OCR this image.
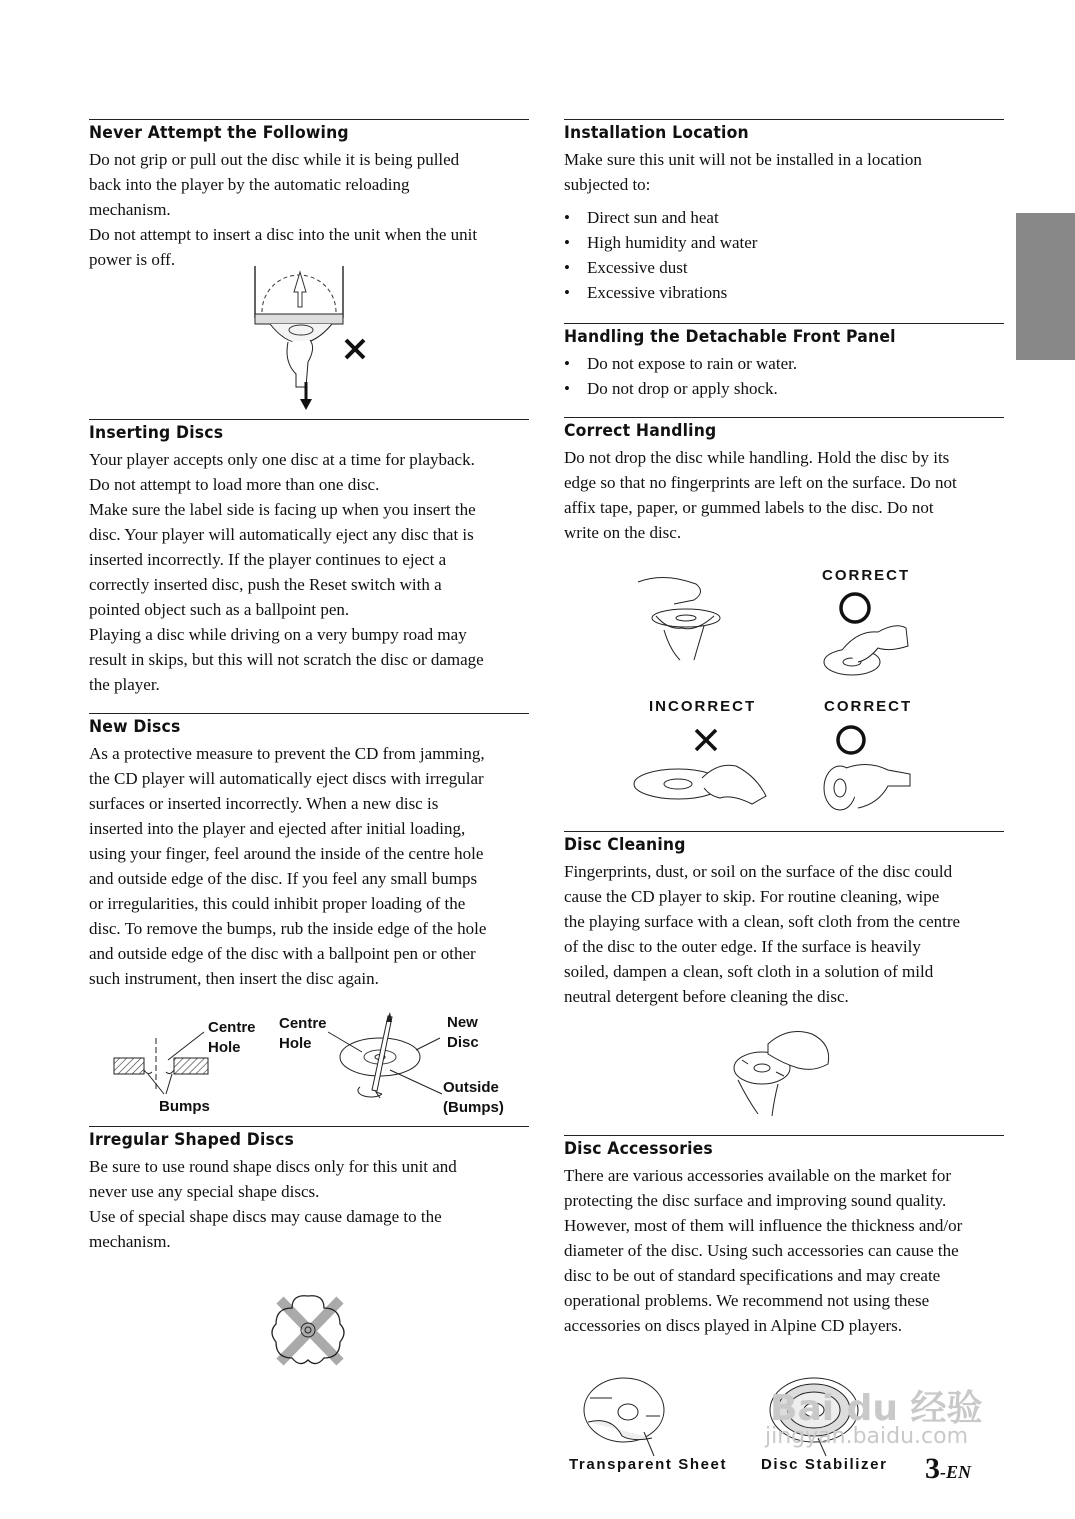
Never Attempt the Following

Do not grip or pull out the disc while it is being pulled
back into the player by the automatic reloading
mechanism.
Do not attempt to insert a disc into the unit when the unit
power is off.

Inserting Discs

Your player accepts only one disc at a time for playback.
Do not attempt to load more than one disc.
Make sure the label side is facing up when you insert the
disc. Your player will automatically eject any disc that is
inserted incorrectly. If the player continues to eject a
correctly inserted disc, push the Reset switch with a
pointed object such as a ballpoint pen.
Playing a disc while driving on a very bumpy road may
result in skips, but this will not scratch the disc or damage
the player.

New Discs

As a protective measure to prevent the CD from jamming,
the CD player will automatically eject discs with irregular
surfaces or inserted incorrectly. When a new disc is
inserted into the player and ejected after initial loading,
using your finger, feel around the inside of the centre hole
and outside edge of the disc. If you feel any small bumps
or irregularities, this could inhibit proper loading of the
disc. To remove the bumps, rub the inside edge of the hole
and outside edge of the disc with a ballpoint pen or other
such instrument, then insert the disc again.

Centre
Hole
Bumps
Centre
Hole
New
Disc
Outside
(Bumps)
Irregular Shaped Discs

Be sure to use round shape discs only for this unit and
never use any special shape discs.
Use of special shape discs may cause damage to the
mechanism.

Installation Location

Make sure this unit will not be installed in a location
subjected to:

• Direct sun and heat
• High humidity and water
• Excessive dust
• Excessive vibrations
Handling the Detachable Front Panel
• Do not expose to rain or water.
• Do not drop or apply shock.
Correct Handling

Do not drop the disc while handling. Hold the disc by its
edge so that no fingerprints are left on the surface. Do not
affix tape, paper, or gummed labels to the disc. Do not
write on the disc.

CORRECT
INCORRECT	CORRECT
Disc Cleaning

Fingerprints, dust, or soil on the surface of the disc could
cause the CD player to skip. For routine cleaning, wipe
the playing surface with a clean, soft cloth from the centre
of the disc to the outer edge. If the surface is heavily
soiled, dampen a clean, soft cloth in a solution of mild
neutral detergent before cleaning the disc.

Disc Accessories

There are various accessories available on the market for
protecting the disc surface and improving sound quality.
However, most of them will influence the thickness and/or
diameter of the disc. Using such accessories can cause the
disc to be out of standard specifications and may create
operational problems. We recommend not using these
accessories on discs played in Alpine CD players.

Transparent Sheet Disc Stabilizer
Bai du 经验
jingyan.baidu.com
3-EN
